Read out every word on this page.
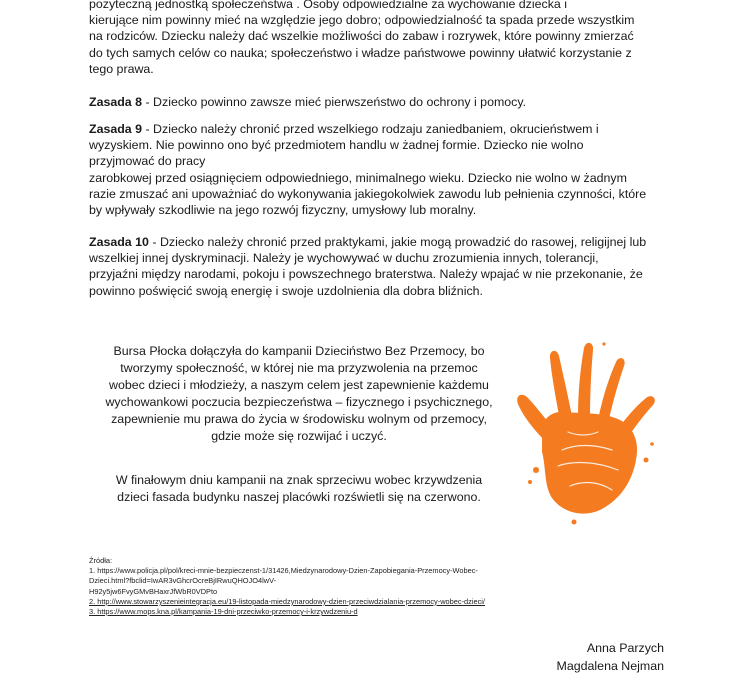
pożyteczną jednostką społeczeństwa . Osoby odpowiedzialne za wychowanie dziecka i
kierujące nim powinny mieć na względzie jego dobro; odpowiedzialność ta spada przede wszystkim
na rodziców. Dziecku należy dać wszelkie możliwości do zabaw i rozrywek, które powinny zmierzać
do tych samych celów co nauka; społeczeństwo i władze państwowe powinny ułatwić korzystanie z
tego prawa.

Zasada 8 - Dziecko powinno zawsze mieć pierwszeństwo do ochrony i pomocy.

Zasada 9 - Dziecko należy chronić przed wszelkiego rodzaju zaniedbaniem, okrucieństwem i
wyzyskiem. Nie powinno ono być przedmiotem handlu w żadnej formie. Dziecko nie wolno
przyjmować do pracy
zarobkowej przed osiągnięciem odpowiedniego, minimalnego wieku. Dziecko nie wolno w żadnym
razie zmuszać ani upoważniać do wykonywania jakiegokolwiek zawodu lub pełnienia czynności, które
by wpływały szkodliwie na jego rozwój fizyczny, umysłowy lub moralny.

Zasada 10 - Dziecko należy chronić przed praktykami, jakie mogą prowadzić do rasowej, religijnej lub
wszelkiej innej dyskryminacji. Należy je wychowywać w duchu zrozumienia innych, tolerancji,
przyjaźni między narodami, pokoju i powszechnego braterstwa. Należy wpajać w nie przekonanie, że
powinno poświęcić swoją energię i swoje uzdolnienia dla dobra bliźnich.

Bursa Płocka dołączyła do kampanii Dzieciństwo Bez Przemocy, bo
tworzymy społeczność, w której nie ma przyzwolenia na przemoc
wobec dzieci i młodzieży, a naszym celem jest zapewnienie każdemu
wychowankowi poczucia bezpieczeństwa – fizycznego i psychicznego,
zapewnienie mu prawa do życia w środowisku wolnym od przemocy,
gdzie może się rozwijać i uczyć.

W finałowym dniu kampanii na znak sprzeciwu wobec krzywdzenia
dzieci fasada budynku naszej placówki rozświetli się na czerwono.

Źródła:
1. https://www.policja.pl/pol/kreci-mnie-bezpieczenst-1/31426,Miedzynarodowy-Dzien-Zapobiegania-Przemocy-Wobec-
Dzieci.html?fbclid=IwAR3vGhcrOcreBjIRwuQHOJO4lwV-
H92y5jw6FvyGMvBHaxrJfWbR0VDPto
2. http://www.stowarzyszenieintegracja.eu/19-listopada-miedzynarodowy-dzien-przeciwdzialania-przemocy-wobec-dzieci/
3. https://www.mops.kna.pl/kampania-19-dni-przeciwko-przemocy-i-krzywdzeniu-d
Anna Parzych
Magdalena Nejman
